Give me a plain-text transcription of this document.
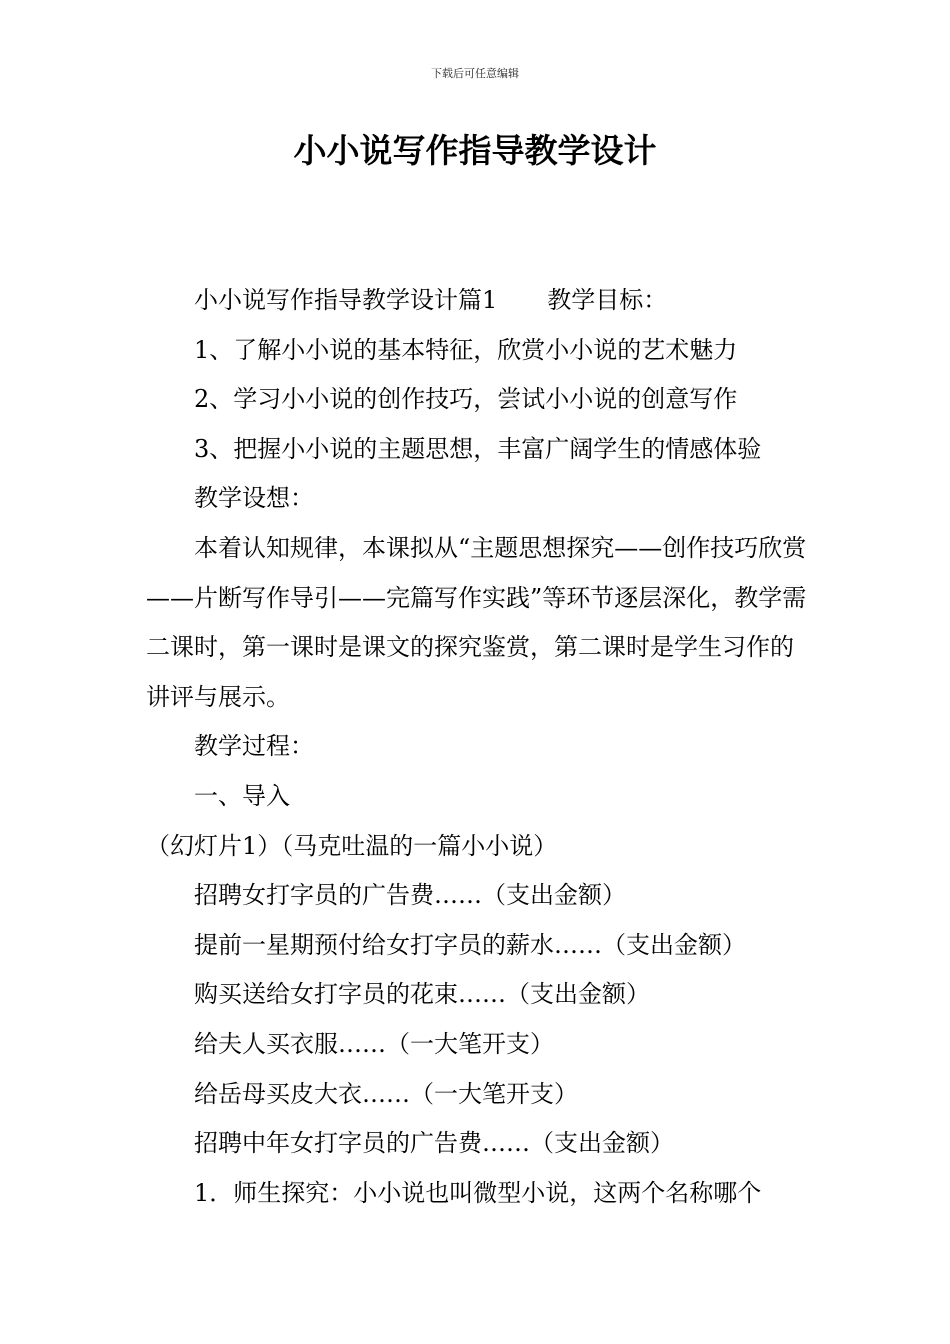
下载后可任意编辑
小小说写作指导教学设计

小小说写作指导教学设计篇1 教学目标：

1、了解小小说的基本特征，欣赏小小说的艺术魅力

2、学习小小说的创作技巧，尝试小小说的创意写作

3、把握小小说的主题思想，丰富广阔学生的情感体验

教学设想：

本着认知规律，本课拟从“主题思想探究——创作技巧欣赏——片断写作导引——完篇写作实践”等环节逐层深化，教学需二课时，第一课时是课文的探究鉴赏，第二课时是学生习作的讲评与展示。

教学过程：

一、导入

（幻灯片1）（马克吐温的一篇小小说）

招聘女打字员的广告费……（支出金额）

提前一星期预付给女打字员的薪水……（支出金额）

购买送给女打字员的花束……（支出金额）

给夫人买衣服……（一大笔开支）

给岳母买皮大衣……（一大笔开支）

招聘中年女打字员的广告费……（支出金额）

1．师生探究：小小说也叫微型小说，这两个名称哪个
